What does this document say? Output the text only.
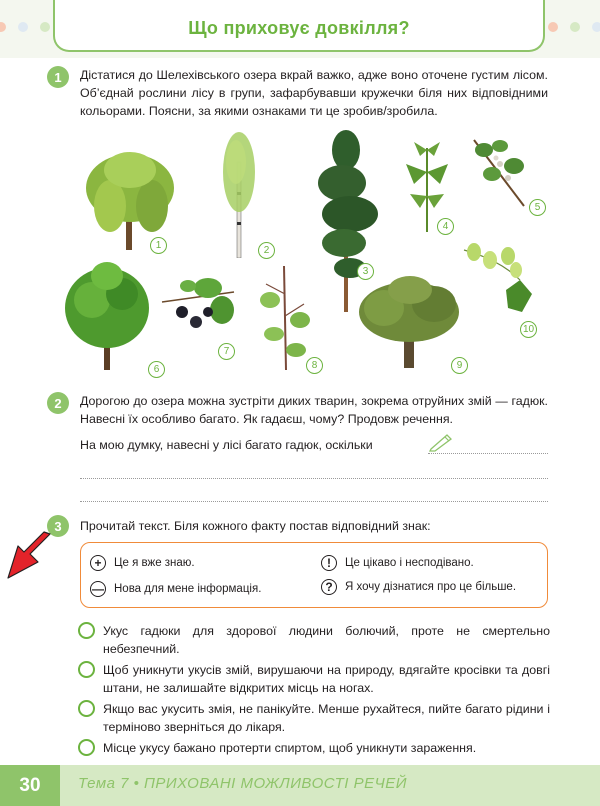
Що приховує довкілля?
1	Дістатися до Шелехівського озера вкрай важко, адже воно оточене густим лісом. Об’єднай рослини лісу в групи, зафарбувавши кружечки біля них відповідними кольорами. Поясни, за якими ознаками ти це зробив/зробила.
1	2
3
4
5
6
7
8	9
10
2	Дорогою до озера можна зустріти диких тварин, зокрема отруйних змій — гадюк. Навесні їх особливо багато. Як гадаєш, чому? Продовж речення.
На мою думку, навесні у лісі багато гадюк, оскільки
3	Прочитай текст. Біля кожного факту постав відповідний знак:
+	Це я вже знаю.
— Нова для мене інформація.
!	Це цікаво і несподівано.
?	Я хочу дізнатися про це більше.
Укус гадюки для здорової людини болючий, проте не смертельно небезпечний.
Щоб уникнути укусів змій, вирушаючи на природу, вдягайте кросівки та довгі штани, не залишайте відкритих місць на ногах.
Якщо вас укусить змія, не панікуйте. Менше рухайтеся, пийте багато рідини і терміново зверніться до лікаря.
Місце укусу бажано протерти спиртом, щоб уникнути зараження.
30	Тема 7 • ПРИХОВАНІ МОЖЛИВОСТІ РЕЧЕЙ
